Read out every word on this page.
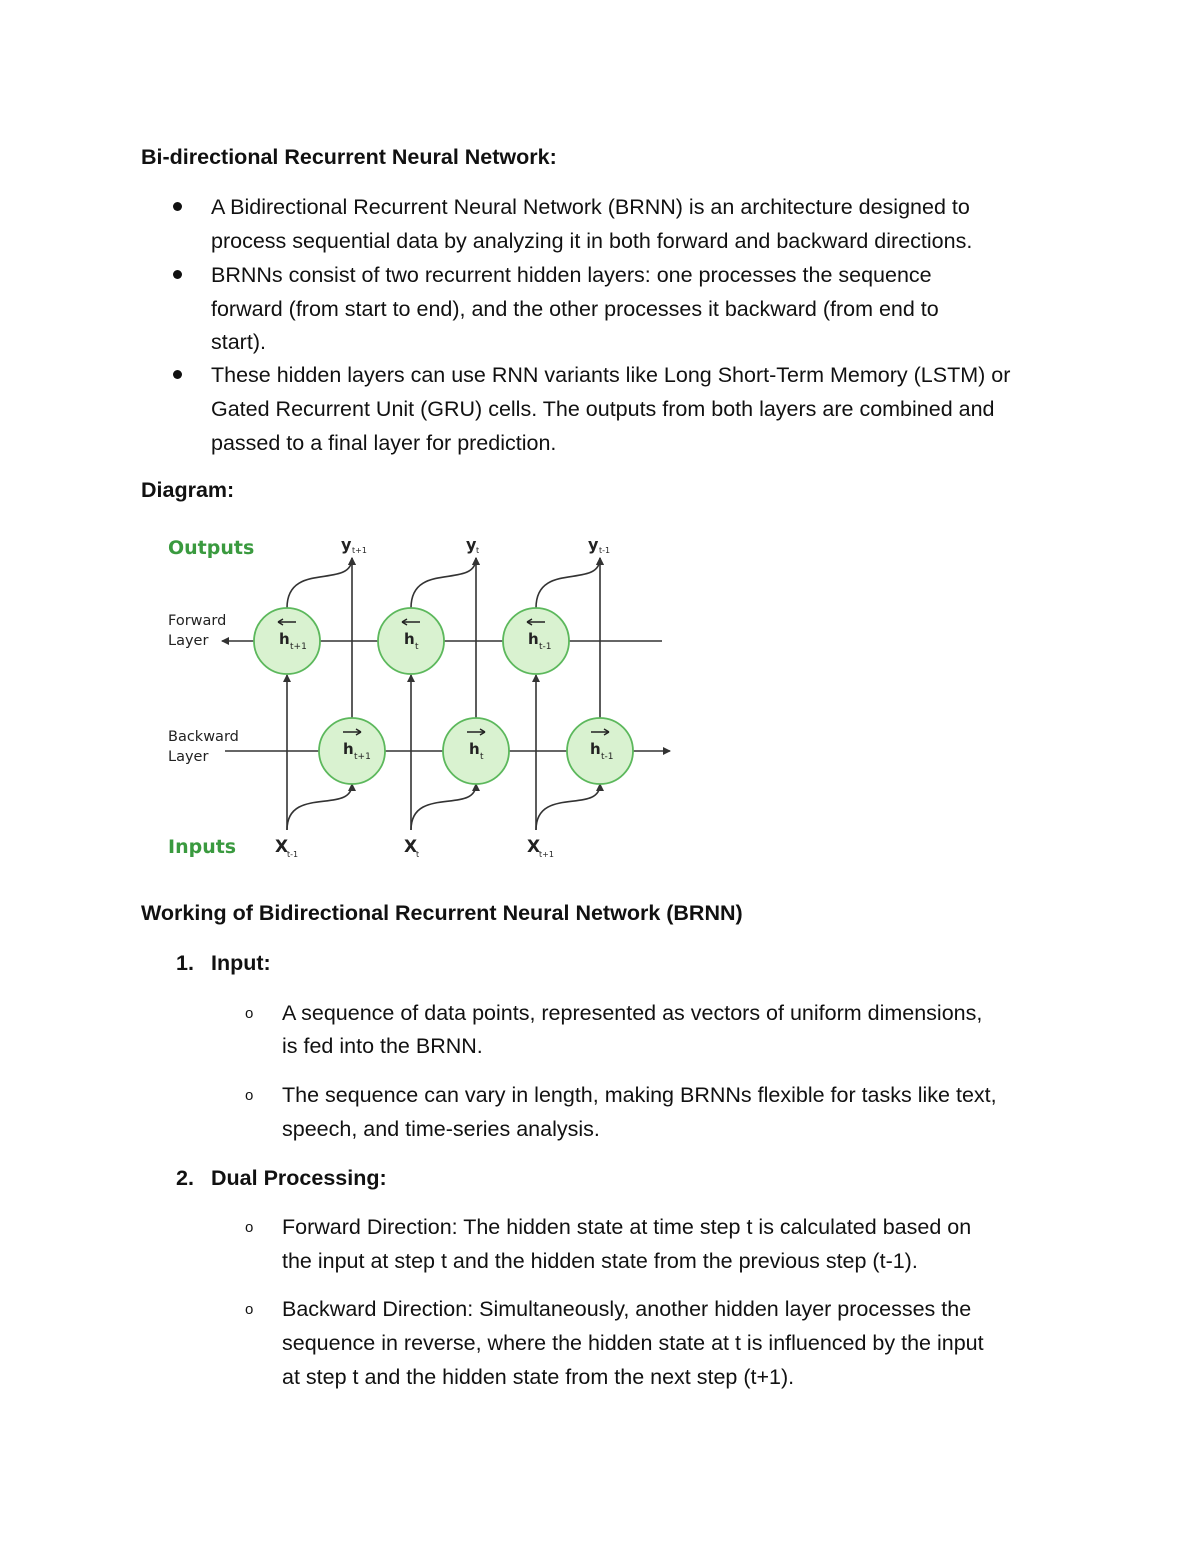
Bi-directional Recurrent Neural Network:
A Bidirectional Recurrent Neural Network (BRNN) is an architecture designed to
process sequential data by analyzing it in both forward and backward directions.
BRNNs consist of two recurrent hidden layers: one processes the sequence
forward (from start to end), and the other processes it backward (from end to
start).
These hidden layers can use RNN variants like Long Short-Term Memory (LSTM) or
Gated Recurrent Unit (GRU) cells. The outputs from both layers are combined and
passed to a final layer for prediction.
Diagram:
Outputs
Inputs
Forward
Layer
Backward
Layer
h t+1	h t	h t-1
h t+1	h t	h t-1
y t+1	y t	y t-1
X
t-1	X
t	X
t+1
Working of Bidirectional Recurrent Neural Network (BRNN)
1. Input:
o A sequence of data points, represented as vectors of uniform dimensions,
is fed into the BRNN.
o The sequence can vary in length, making BRNNs flexible for tasks like text,
speech, and time-series analysis.
2. Dual Processing:
o Forward Direction: The hidden state at time step t is calculated based on
the input at step t and the hidden state from the previous step (t-1).
o Backward Direction: Simultaneously, another hidden layer processes the
sequence in reverse, where the hidden state at t is influenced by the input
at step t and the hidden state from the next step (t+1).
